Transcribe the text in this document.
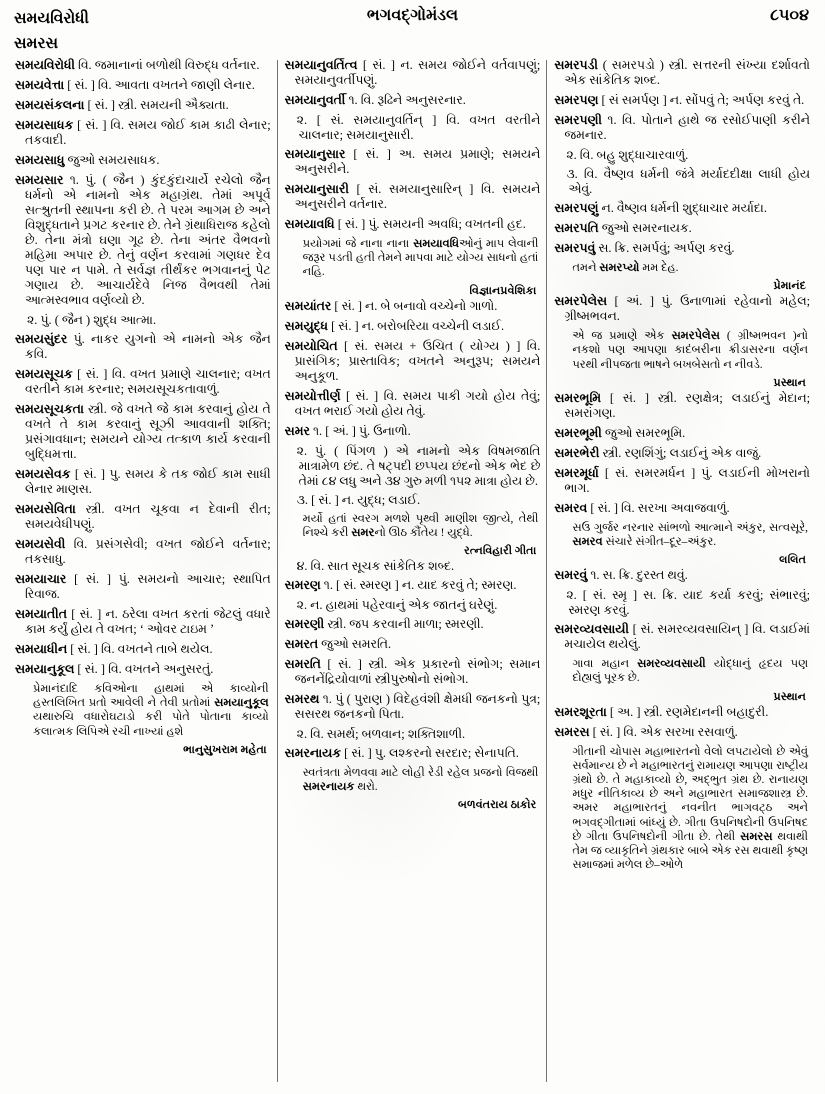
સમયવિરોધી
સમરસ
ભગવદ્ગોમંડલ	૮૫૦૪
સમયવિરોધી વિ. જમાનાનાં બળોથી વિરુદ્ધ વર્તનાર.
સમયવેત્તા [ સં. ] વિ. આવતા વખતને જાણી લેનાર.
સમયસંકલના [ સં. ] સ્ત્રી. સમયની ઐક્યતા.
સમયસાધક [ સં. ] વિ. સમય જોઈ કામ કાઢી લેનાર; તકવાદી.
સમયસાધુ જુઓ સમયસાધક.
સમયસાર ૧. પું. ( જૈન ) કુંદકુંદાચાર્યે રચેલો જૈન ધર્મનો એ નામનો એક મહાગ્રંથ. તેમાં અપૂર્વ સત્શ્રુતની સ્થાપના કરી છે. તે પરમ આગમ છે અને વિશુદ્ધતાને પ્રગટ કરનાર છે. તેને ગ્રંથાધિરાજ કહેલો છે. તેના મંત્રો ઘણા ગૂઢ છે. તેના અંતર વૈભવનો મહિમા અપાર છે. તેનું વર્ણન કરવામાં ગણધર દેવ પણ પાર ન પામે. તે સર્વજ્ઞ તીર્થંકર ભગવાનનું પેટ ગણાય છે. આચાર્યદેવે નિજ વૈભવથી તેમાં આત્મસ્વભાવ વર્ણવ્યો છે.
૨. પું. ( જૈન ) શુદ્ધ આત્મા.
સમયસુંદર પું. નાકર યુગનો એ નામનો એક જૈન કવિ.
સમયસૂચક [ સં. ] વિ. વખત પ્રમાણે ચાલનાર; વખત વરતીને કામ કરનાર; સમયસૂચકતાવાળું.
સમયસૂચકતા સ્ત્રી. જે વખતે જે કામ કરવાનું હોય તે વખતે તે કામ કરવાનું સૂઝી આવવાની શક્તિ; પ્રસંગાવધાન; સમયને યોગ્ય તત્કાળ કાર્ય કરવાની બુદ્ધિમત્તા.
સમયસેવક [ સં. ] પુ. સમય કે તક જોઈ કામ સાધી લેનાર માણસ.
સમયસેવિતા સ્ત્રી. વખત ચૂકવા ન દેવાની રીત; સમયવેધીપણું.
સમયસેવી વિ. પ્રસંગસેવી; વખત જોઈને વર્તનાર; તકસાધુ.
સમયાચાર [ સં. ] પું. સમયનો આચાર; સ્થાપિત રિવાજ.
સમયાતીત [ સં. ] ન. ઠરેલા વખત કરતાં જેટલું વધારે કામ કર્યું હોય તે વખત; ‘ ઓવર ટાઇમ ’
સમયાધીન [ સં. ] વિ. વખતને તાબે થયેલ.
સમયાનુકૂલ [ સં. ] વિ. વખતને અનુસરતું.
પ્રેમાનંદાદિ કવિઓના હાથમાં એ કાવ્યોની હસ્તલિખિત પ્રતો આવેલી ને તેવી પ્રતોમાં સમયાનુકૂલ યથારુચિ વધારોઘટાડો કરી પોતે પોતાના કાવ્યો કલાત્મક લિપિએ રચી નાખ્યાં હશે
ભાનુસુખરામ મહેતા
સમયાનુવર્તિત્વ [ સં. ] ન. સમય જોઈને વર્તવાપણું; સમયાનુવર્તીપણું.
સમયાનુવર્તી ૧. વિ. રૂઢિને અનુસરનાર.
૨. [ સં. સમયાનુવર્તિન્ ] વિ. વખત વરતીને ચાલનાર; સમયાનુસારી.
સમયાનુસાર [ સં. ] અ. સમય પ્રમાણે; સમયને અનુસરીને.
સમયાનુસારી [ સં. સમયાનુસારિન્ ] વિ. સમયને અનુસરીને વર્તનાર.
સમયાવધિ [ સં. ] પું. સમયની અવધિ; વખતની હદ.
પ્રયોગમાં જે નાના નાના સમયાવધિઓનું માપ લેવાની જરૂર પડતી હતી તેમને માપવા માટે યોગ્ય સાધનો હતાં નહિ.
વિજ્ઞાનપ્રવેશિકા
સમયાંતર [ સં. ] ન. બે બનાવો વચ્ચેનો ગાળો.
સમયુદ્ધ [ સં. ] ન. બરોબરિયા વચ્ચેની લડાઈ.
સમયોચિત [ સં. સમય + ઉચિત ( યોગ્ય ) ] વિ. પ્રાસંગિક; પ્રાસ્તાવિક; વખતને અનુરૂપ; સમયને અનુકૂળ.
સમયોત્તીર્ણ [ સં. ] વિ. સમય પાકી ગયો હોય તેવું; વખત ભરાઈ ગયો હોય તેવું.
સમર ૧. [ અં. ] પું. ઉનાળો.
૨. પું. ( પિંગળ ) એ નામનો એક વિષમજાતિ માત્રામેળ છંદ. તે ષટ્પદી છપ્પય છંદનો એક ભેદ છે તેમાં ૮૪ લધુ અને ૩૪ ગુરુ મળી ૧૫૨ માત્રા હોય છે.
૩. [ સં. ] ન. યુદ્ધ; લડાઈ.
મર્યો હતાં સ્વરગ મળશે પૃથ્વી માણીશ જીત્યે, તેથી નિશ્ચે કરી સમરનો ઊઠ કૌંતેય ! યુદ્ધે.
રત્નવિહારી ગીતા
૪. વિ. સાત સૂચક સાંકેતિક શબ્દ.
સમરણ ૧. [ સં. સ્મરણ ] ન. યાદ કરવું તે; સ્મરણ.
૨. ન. હાથમાં પહેરવાનું એક જાતનું ઘરેણું.
સમરણી સ્ત્રી. જપ કરવાની માળા; સ્મરણી.
સમરત જુઓ સમરતિ.
સમરતિ [ સં. ] સ્ત્રી. એક પ્રકારનો સંભોગ; સમાન જનનેંદ્રિયોવાળાં સ્ત્રીપુરુષોનો સંભોગ.
સમરથ ૧. પું ( પુરાણ ) વિદેહવંશી ક્ષેમધી જનકનો પુત્ર; સસરથ જનકનો પિતા.
૨. વિ. સમર્થ; બળવાન; શક્તિશાળી.
સમરનાયક [ સં. ] પુ. લશ્કરનો સરદાર; સેનાપતિ.
સ્વતંત્રતા મેળવવા માટે લોહી રેડી રહેલ પ્રજનો વિજથી સમરનાયક થરો.
બળવંતરાય ઠાકોર
સમરપડી ( સમરપડો ) સ્ત્રી. સત્તરની સંખ્યા દર્શાવતો એક સાંકેતિક શબ્દ.
સમરપણ [ સં સમર્પણ ] ન. સોંપવું તે; અર્પણ કરવું તે.
સમરપણી ૧. વિ. પોતાને હાથે જ રસોઈપાણી કરીને જમનાર.
૨. વિ. બહુ શુદ્ધાચારવાળું.
૩. વિ. વૈષ્ણવ ધર્મની જંત્રે મર્યાદદીક્ષા લાધી હોય એવું.
સમરપણું ન. વૈષ્ણવ ધર્મની શુદ્ધાચાર મર્યાદા.
સમરપતિ જુઓ સમરનાયક.
સમરપવું સ. ક્રિ. સમર્પવું; અર્પણ કરવું.
તમને સમરપ્યો મમ દેહ.
પ્રેમાનંદ
સમરપેલેસ [ અં. ] પું. ઉનાળામાં રહેવાનો મહેલ; ગ્રીષ્મભવન.
એ જ પ્રમાણે એક સમરપેલેસ ( ગ્રીષ્મભવન )નો નકશો પણ આપણા કાદંબરીના ક્રીડાસરના વર્ણન પરથી નીપજતા ભાષને બખબેસતો ન નીવડે.
પ્રસ્થાન
સમરભૂમિ [ સં. ] સ્ત્રી. રણક્ષેત્ર; લડાઈનું મેદાન; સમરાંગણ.
સમરભૂમી જુઓ સમરભૂમિ.
સમરભેરી સ્ત્રી. રણશિંગું; લડાઈનું એક વાજું.
સમરમૂર્ધા [ સં. સમરમર્ધન ] પું. લડાઈની મોખરાનો ભાગ.
સમરવ [ સં. ] વિ. સરખા અવાજવાળું.
સઉ ગુર્જર નરનાર સાંભળો આત્માને અંકુર, સત્વસૂરે, સમરવ સંચારે સંગીત–દૂર–અંકુર.
લલિત
સમરવું ૧. સ. ક્રિ. દુરસ્ત થવું.
૨. [ સં. સ્મૃ ] સ. ક્રિ. યાદ કર્યા કરવું; સંભારવું; સ્મરણ કરવું.
સમરવ્યવસાયી [ સં. સમરવ્યવસાયિન્ ] વિ. લડાઈમાં મચાયેલ થયેલું.
ગાવા મહાન સમરવ્યવસાયી યોદ્ધાનું હૃદય પણ દોહ્યલું પૂરક છે.
પ્રસ્થાન
સમરશૂરતા [ અ. ] સ્ત્રી. રણમેદાનની બહાદુરી.
સમરસ [ સં. ] વિ. એક સરખા રસવાળું.
ગીતાની ચોપાસ મહાભારતનો વેલો લપટાયેલો છે એવું સર્વમાન્ય છે ને મહાભારતનું રામાયણ આપણા રાષ્ટ્રીય ગ્રંથો છે. તે મહાકાવ્યો છે, અદ્ભુત ગ્રંથ છે. રાનાયણ મધુર નીતિકાવ્ય છે અને મહાભારત સમાજશાસ્ત્ર છે. અમર મહાભારતનું નવનીત ભાગવટ્ઠ અને ભગવદ્ગીતામાં બાંધ્યું છે. ગીતા ઉપનિષદોની ઉપનિષદ છે ગીતા ઉપનિષદોની ગીતા છે. તેથી સમરસ થવાથી તેમ જ વ્યાકૃતિને ગ્રંથકાર બાબે એક રસ થવાથી કૃષ્ણ સમાજમાં મળેલ છે–ઓળે
